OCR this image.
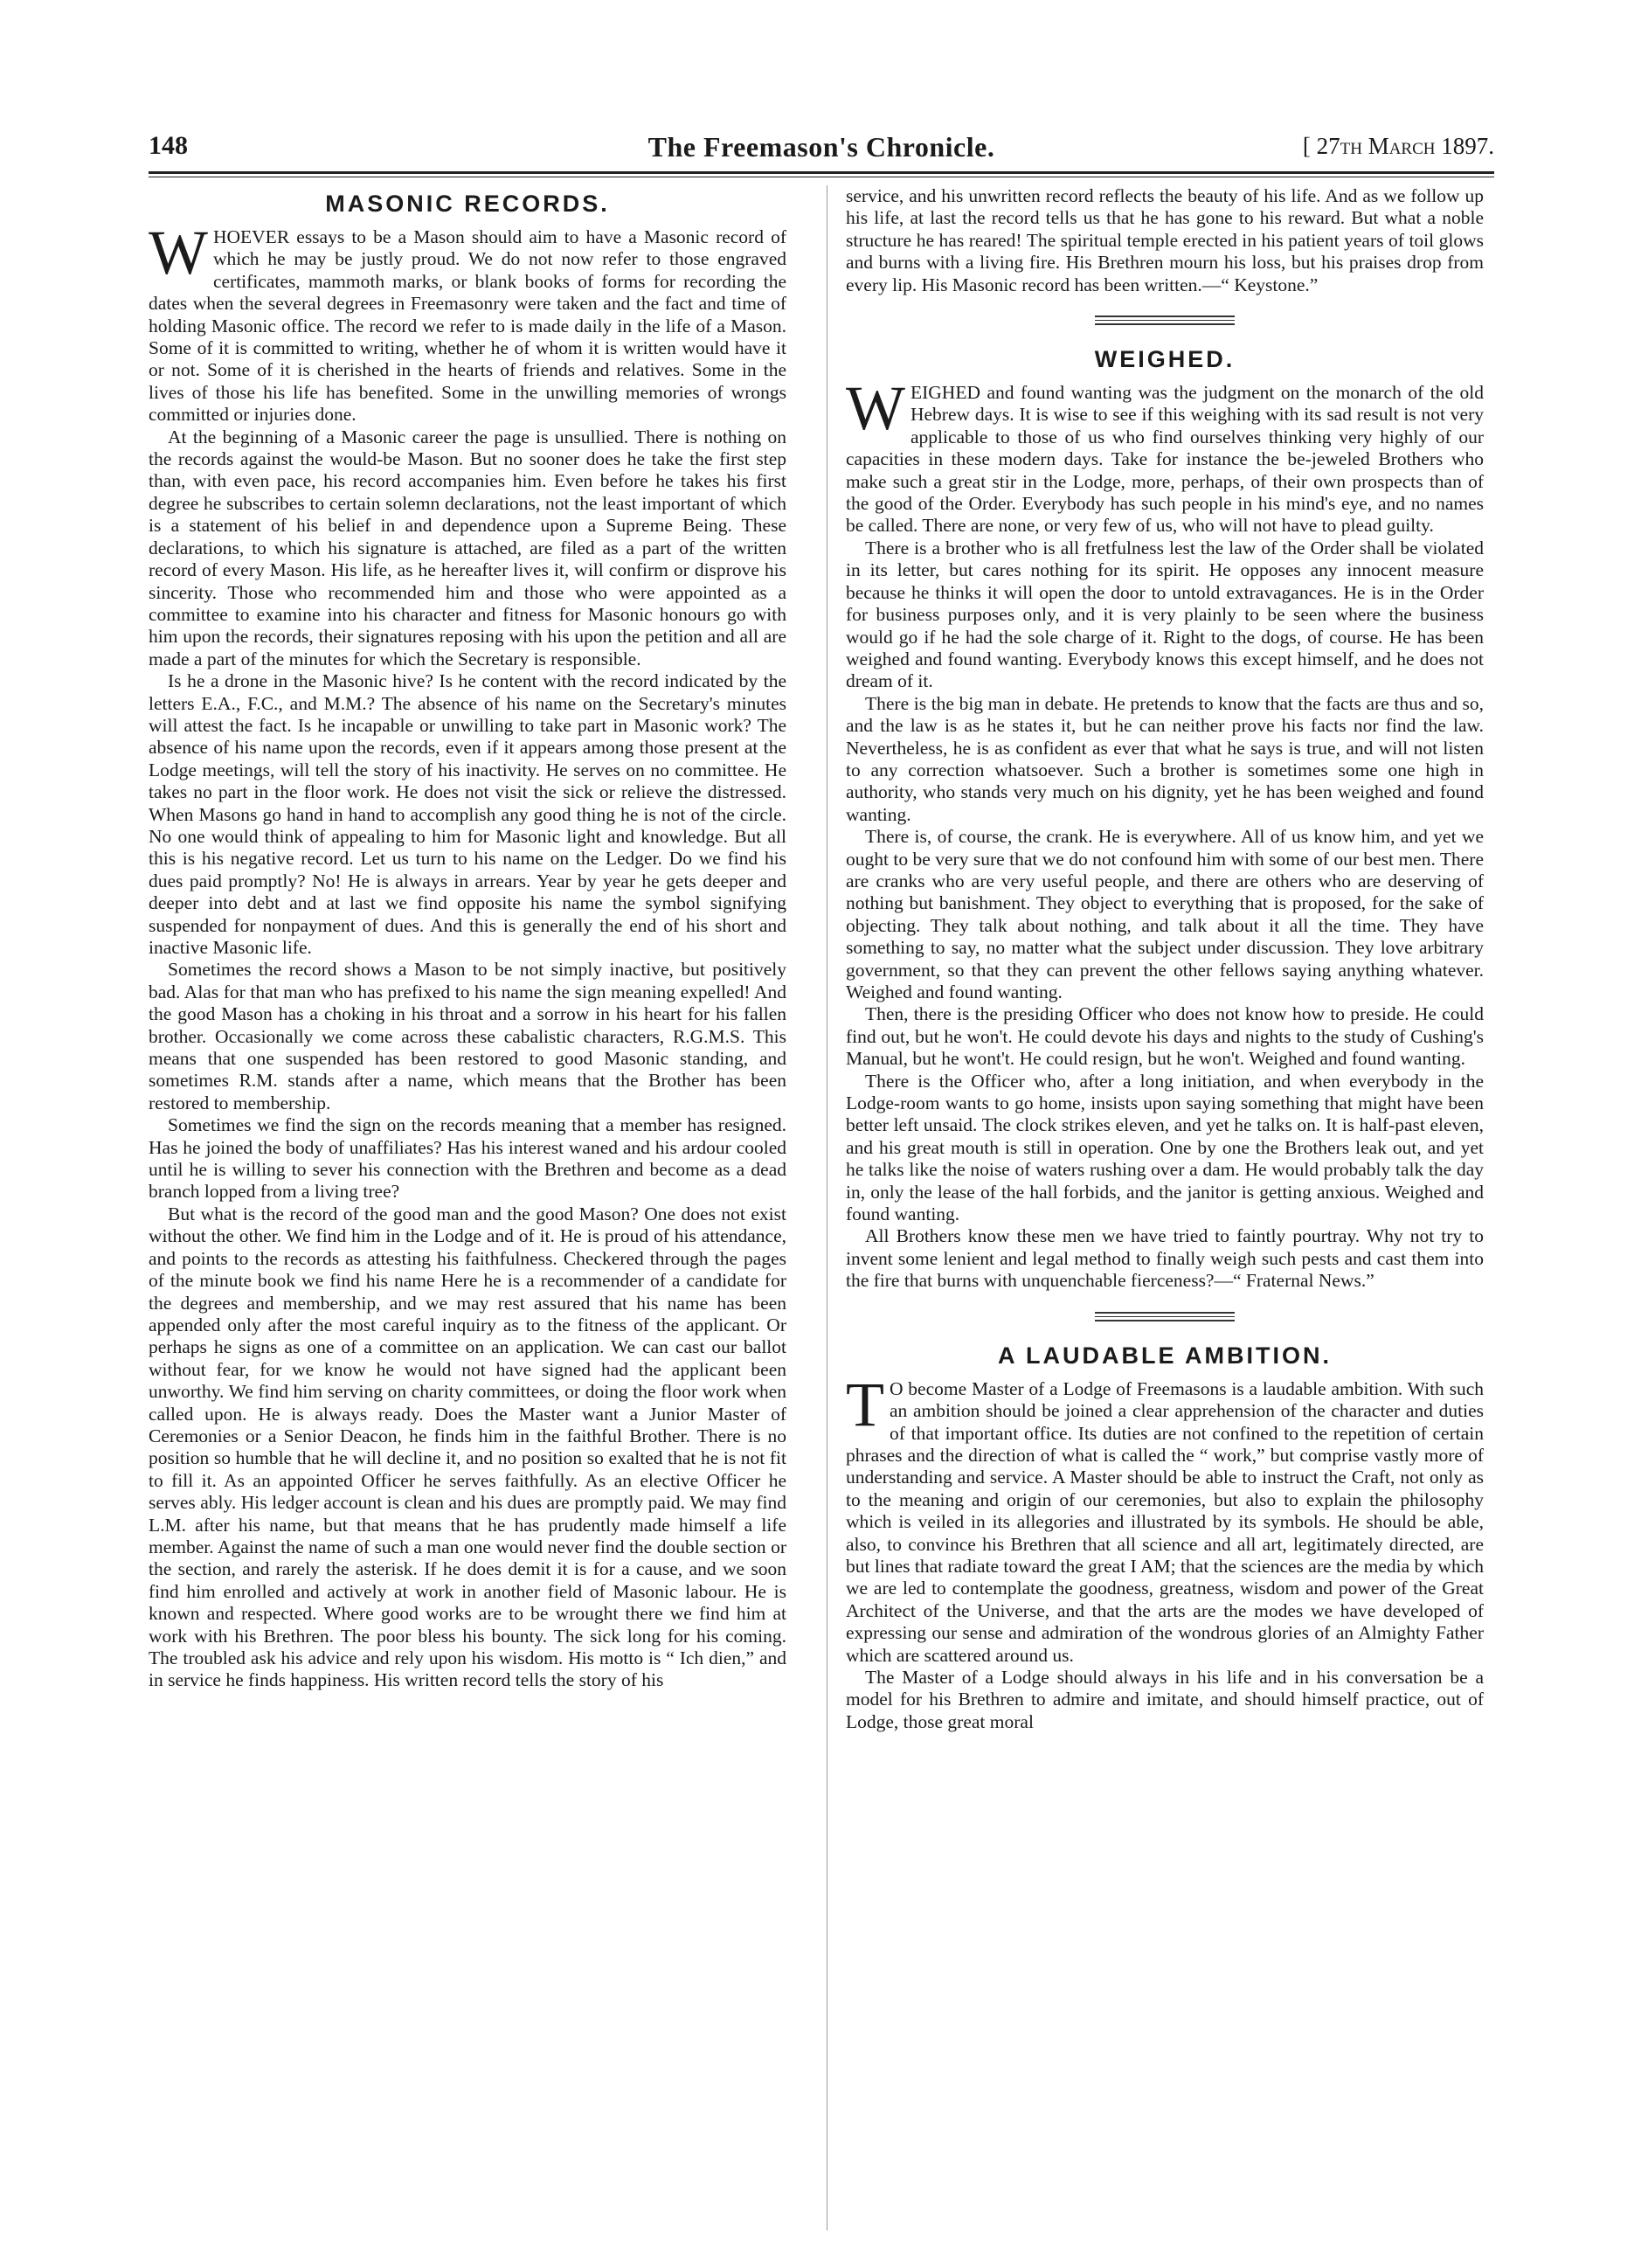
148	The Freemason's Chronicle.	[ 27th March 1897.
MASONIC RECORDS.

WHOEVER essays to be a Mason should aim to have a Masonic record of which he may be justly proud. We do not now refer to those engraved certificates, mammoth marks, or blank books of forms for recording the dates when the several degrees in Freemasonry were taken and the fact and time of holding Masonic office. The record we refer to is made daily in the life of a Mason. Some of it is committed to writing, whether he of whom it is written would have it or not. Some of it is cherished in the hearts of friends and relatives. Some in the lives of those his life has benefited. Some in the unwilling memories of wrongs committed or injuries done.

At the beginning of a Masonic career the page is unsullied. There is nothing on the records against the would-be Mason. But no sooner does he take the first step than, with even pace, his record accompanies him. Even before he takes his first degree he subscribes to certain solemn declarations, not the least important of which is a statement of his belief in and dependence upon a Supreme Being. These declarations, to which his signature is attached, are filed as a part of the written record of every Mason. His life, as he hereafter lives it, will confirm or disprove his sincerity. Those who recommended him and those who were appointed as a committee to examine into his character and fitness for Masonic honours go with him upon the records, their signatures reposing with his upon the petition and all are made a part of the minutes for which the Secretary is responsible.

Is he a drone in the Masonic hive? Is he content with the record indicated by the letters E.A., F.C., and M.M.? The absence of his name on the Secretary's minutes will attest the fact. Is he incapable or unwilling to take part in Masonic work? The absence of his name upon the records, even if it appears among those present at the Lodge meetings, will tell the story of his inactivity. He serves on no committee. He takes no part in the floor work. He does not visit the sick or relieve the distressed. When Masons go hand in hand to accomplish any good thing he is not of the circle. No one would think of appealing to him for Masonic light and knowledge. But all this is his negative record. Let us turn to his name on the Ledger. Do we find his dues paid promptly? No! He is always in arrears. Year by year he gets deeper and deeper into debt and at last we find opposite his name the symbol signifying suspended for nonpayment of dues. And this is generally the end of his short and inactive Masonic life.

Sometimes the record shows a Mason to be not simply inactive, but positively bad. Alas for that man who has prefixed to his name the sign meaning expelled! And the good Mason has a choking in his throat and a sorrow in his heart for his fallen brother. Occasionally we come across these cabalistic characters, R.G.M.S. This means that one suspended has been restored to good Masonic standing, and sometimes R.M. stands after a name, which means that the Brother has been restored to membership.

Sometimes we find the sign on the records meaning that a member has resigned. Has he joined the body of unaffiliates? Has his interest waned and his ardour cooled until he is willing to sever his connection with the Brethren and become as a dead branch lopped from a living tree?

But what is the record of the good man and the good Mason? One does not exist without the other. We find him in the Lodge and of it. He is proud of his attendance, and points to the records as attesting his faithfulness. Checkered through the pages of the minute book we find his name Here he is a recommender of a candidate for the degrees and membership, and we may rest assured that his name has been appended only after the most careful inquiry as to the fitness of the applicant. Or perhaps he signs as one of a committee on an application. We can cast our ballot without fear, for we know he would not have signed had the applicant been unworthy. We find him serving on charity committees, or doing the floor work when called upon. He is always ready. Does the Master want a Junior Master of Ceremonies or a Senior Deacon, he finds him in the faithful Brother. There is no position so humble that he will decline it, and no position so exalted that he is not fit to fill it. As an appointed Officer he serves faithfully. As an elective Officer he serves ably. His ledger account is clean and his dues are promptly paid. We may find L.M. after his name, but that means that he has prudently made himself a life member. Against the name of such a man one would never find the double section or the section, and rarely the asterisk. If he does demit it is for a cause, and we soon find him enrolled and actively at work in another field of Masonic labour. He is known and respected. Where good works are to be wrought there we find him at work with his Brethren. The poor bless his bounty. The sick long for his coming. The troubled ask his advice and rely upon his wisdom. His motto is “ Ich dien,” and in service he finds happiness. His written record tells the story of his

service, and his unwritten record reflects the beauty of his life. And as we follow up his life, at last the record tells us that he has gone to his reward. But what a noble structure he has reared! The spiritual temple erected in his patient years of toil glows and burns with a living fire. His Brethren mourn his loss, but his praises drop from every lip. His Masonic record has been written.—“ Keystone.”

WEIGHED.

WEIGHED and found wanting was the judgment on the monarch of the old Hebrew days. It is wise to see if this weighing with its sad result is not very applicable to those of us who find ourselves thinking very highly of our capacities in these modern days. Take for instance the be-jeweled Brothers who make such a great stir in the Lodge, more, perhaps, of their own prospects than of the good of the Order. Everybody has such people in his mind's eye, and no names be called. There are none, or very few of us, who will not have to plead guilty.

There is a brother who is all fretfulness lest the law of the Order shall be violated in its letter, but cares nothing for its spirit. He opposes any innocent measure because he thinks it will open the door to untold extravagances. He is in the Order for business purposes only, and it is very plainly to be seen where the business would go if he had the sole charge of it. Right to the dogs, of course. He has been weighed and found wanting. Everybody knows this except himself, and he does not dream of it.

There is the big man in debate. He pretends to know that the facts are thus and so, and the law is as he states it, but he can neither prove his facts nor find the law. Nevertheless, he is as confident as ever that what he says is true, and will not listen to any correction whatsoever. Such a brother is sometimes some one high in authority, who stands very much on his dignity, yet he has been weighed and found wanting.

There is, of course, the crank. He is everywhere. All of us know him, and yet we ought to be very sure that we do not confound him with some of our best men. There are cranks who are very useful people, and there are others who are deserving of nothing but banishment. They object to everything that is proposed, for the sake of objecting. They talk about nothing, and talk about it all the time. They have something to say, no matter what the subject under discussion. They love arbitrary government, so that they can prevent the other fellows saying anything whatever. Weighed and found wanting.

Then, there is the presiding Officer who does not know how to preside. He could find out, but he won't. He could devote his days and nights to the study of Cushing's Manual, but he wont't. He could resign, but he won't. Weighed and found wanting.

There is the Officer who, after a long initiation, and when everybody in the Lodge-room wants to go home, insists upon saying something that might have been better left unsaid. The clock strikes eleven, and yet he talks on. It is half-past eleven, and his great mouth is still in operation. One by one the Brothers leak out, and yet he talks like the noise of waters rushing over a dam. He would probably talk the day in, only the lease of the hall forbids, and the janitor is getting anxious. Weighed and found wanting.

All Brothers know these men we have tried to faintly pourtray. Why not try to invent some lenient and legal method to finally weigh such pests and cast them into the fire that burns with unquenchable fierceness?—“ Fraternal News.”

A LAUDABLE AMBITION.

T O become Master of a Lodge of Freemasons is a laudable ambition. With such an ambition should be joined a clear apprehension of the character and duties of that important office. Its duties are not confined to the repetition of certain phrases and the direction of what is called the “ work,” but comprise vastly more of understanding and service. A Master should be able to instruct the Craft, not only as to the meaning and origin of our ceremonies, but also to explain the philosophy which is veiled in its allegories and illustrated by its symbols. He should be able, also, to convince his Brethren that all science and all art, legitimately directed, are but lines that radiate toward the great I AM; that the sciences are the media by which we are led to contemplate the goodness, greatness, wisdom and power of the Great Architect of the Universe, and that the arts are the modes we have developed of expressing our sense and admiration of the wondrous glories of an Almighty Father which are scattered around us.

The Master of a Lodge should always in his life and in his conversation be a model for his Brethren to admire and imitate, and should himself practice, out of Lodge, those great moral
